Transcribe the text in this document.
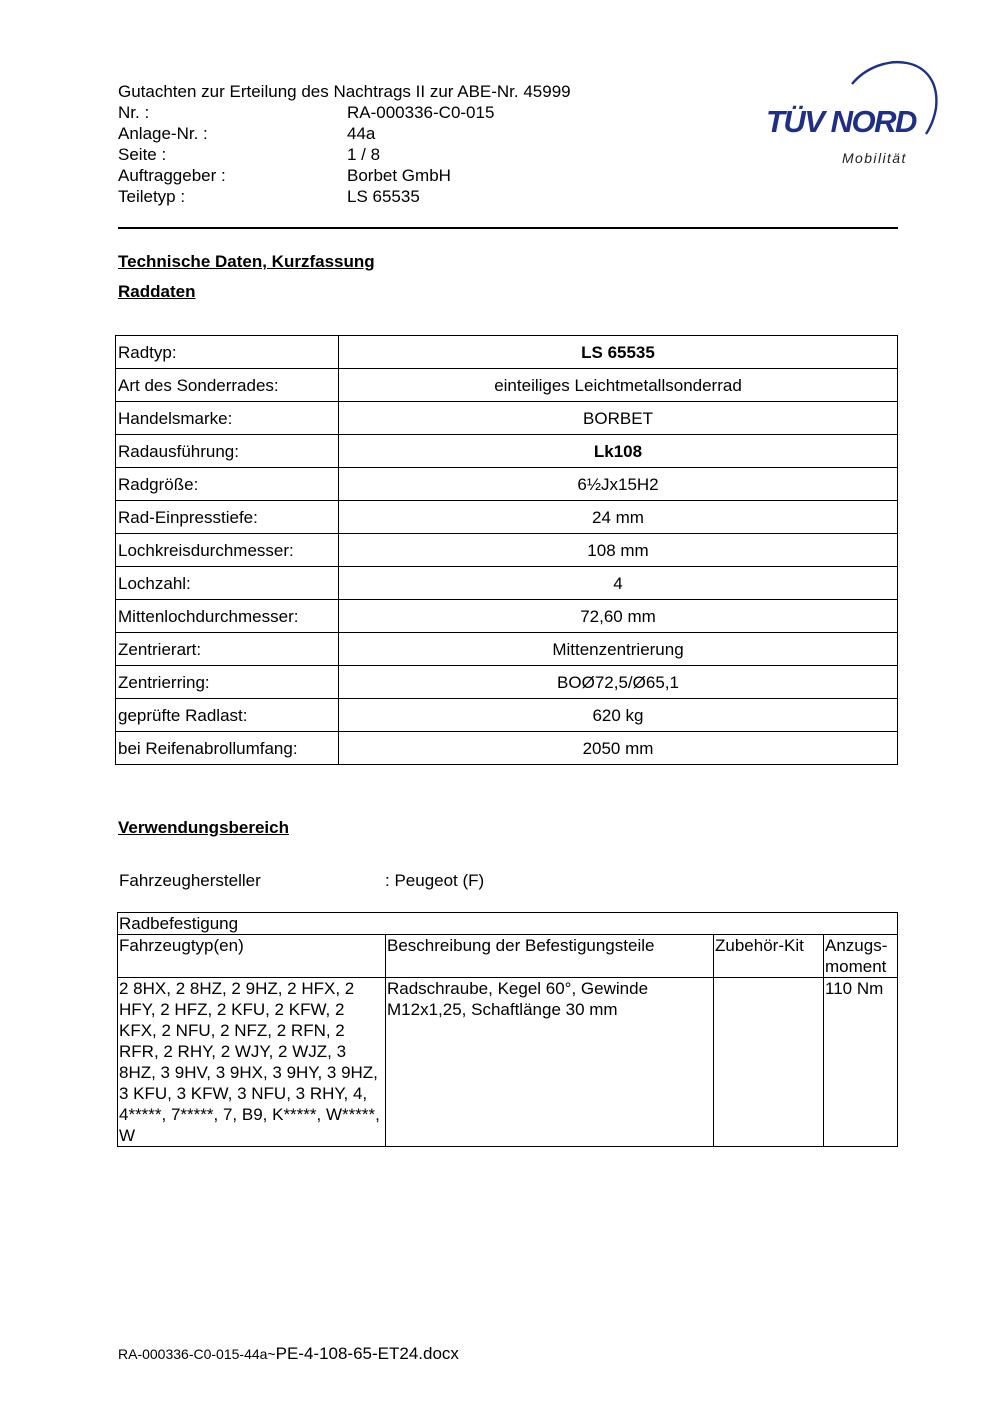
Gutachten zur Erteilung des Nachtrags II zur ABE-Nr. 45999
Nr. :	RA-000336-C0-015
Anlage-Nr. :	44a
Seite :	1 / 8
Auftraggeber :	Borbet GmbH
Teiletyp :	LS 65535
TÜV NORD
Mobilität
Technische Daten, Kurzfassung
Raddaten
Radtyp:	LS 65535
Art des Sonderrades:	einteiliges Leichtmetallsonderrad
Handelsmarke:	BORBET
Radausführung:	Lk108
Radgröße:	6½Jx15H2
Rad-Einpresstiefe:	24 mm
Lochkreisdurchmesser:	108 mm
Lochzahl:	4
Mittenlochdurchmesser:	72,60 mm
Zentrierart:	Mittenzentrierung
Zentrierring:	BOØ72,5/Ø65,1
geprüfte Radlast:	620 kg
bei Reifenabrollumfang:	2050 mm
Verwendungsbereich
Fahrzeughersteller	: Peugeot (F)
Radbefestigung			
Fahrzeugtyp(en)	Beschreibung der Befestigungsteile	Zubehör-Kit	Anzugs-moment
2 8HX, 2 8HZ, 2 9HZ, 2 HFX, 2 HFY, 2 HFZ, 2 KFU, 2 KFW, 2 KFX, 2 NFU, 2 NFZ, 2 RFN, 2 RFR, 2 RHY, 2 WJY, 2 WJZ, 3 8HZ, 3 9HV, 3 9HX, 3 9HY, 3 9HZ, 3 KFU, 3 KFW, 3 NFU, 3 RHY, 4, 4*****, 7*****, 7, B9, K*****, W*****, W	Radschraube, Kegel 60°, Gewinde M12x1,25, Schaftlänge 30 mm		110 Nm
RA-000336-C0-015-44a~PE-4-108-65-ET24.docx
